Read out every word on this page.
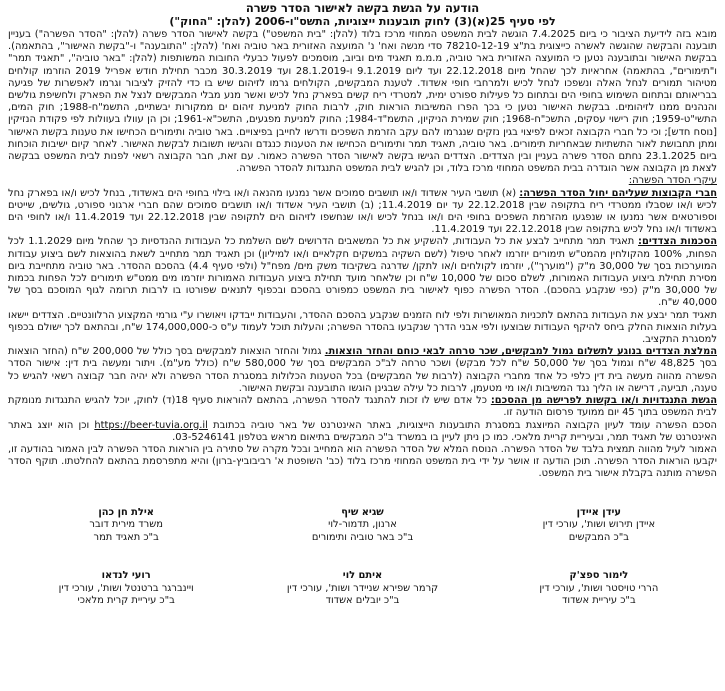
הודעה על הגשת בקשה לאישור הסדר פשרה

לפי סעיף 25(א)(3) לחוק תובענות ייצוגיות, התשס"ו-2006 (להלן: "החוק")

מובא בזה לידיעת הציבור כי ביום 7.4.2025 הוגשה לבית המשפט המחוזי מרכז בלוד (להלן: "בית המשפט") בקשה לאישור הסדר פשרה (להלן: "הסדר הפשרה") בעניין תובענה והבקשה שהוגשה לאשרה כייצוגית בת"צ 78210-12-19 סדי מנשה ואח' נ' המועצה האזורית באר טוביה ואח' (להלן: "התובענה" ו-"בקשת האישור", בהתאמה). בבקשת האישור ובתובענה נטען כי המועצה האזורית באר טוביה, מ.מ.מ תאגיד מים וביוב, מוסמכים לפעול כבעלי החובות המשותפות (להלן: "באר טוביה", "תאגיד תמר" ו"תימורים", בהתאמה) אחראיות לכך שהחל מיום 22.12.2018 ועד ליום 9.1.2019 ו-28.1.2019 ועד 30.3.2019 מכבר תחילת חודש אפריל 2019 הוזרמו קולחים מטיהור תמורים לנחל האלה ונשפכו לנחל לכיש ולמרחבי חופי אשדוד. לטענת המבקשים, הקולחים גרמו לזיהום שיש בו כדי להזיק לציבור וגרמו לאפשרות של פגיעה בבריאותם ובתחום השימוש בחופי הים ובתחום כל פעילות ספורט ימית, למטרדי ריח קשים בפארק נחל לכיש ואשר מנע מבלי המבקשים לנצל את הפארק ולחשיפת גולשים והנהנים ממנו לזיהומים. בבקשת האישור נטען כי בכך הפרו המשיבות הוראות חוק, לרבות החוק למניעת זיהום ים ממקורות יבשתיים, התשמ"ח-1988; חוק המים, התשי"ט-1959; חוק רישוי עסקים, התשכ"ח-1968; חוק שמירת הניקיון, התשמ"ד-1984; החוק למניעת מפגעים, התשכ"א-1961; וכן הן עוולו בעוולות לפי פקודת הנזיקין [נוסח חדש]; וכי כל חברי הקבוצה זכאים לפיצוי בגין נזקים שנגרמו להם עקב הזרמת השפכים ודרשו לחייבן בפיצויים. באר טוביה ותימורים הכחישו את טענות בקשת האישור ומתן תחבושת לאור התשתיות שבאחריות תימורים. באר טוביה, תאגיד תמר ותימורים הכחישו את הטענות כנגדם והגישו תשובות לבקשת האישור. לאחר קיום ישיבות הוכחות ביום 23.1.2025 נחתם הסדר פשרה בעניין ובין הצדדים. הצדדים הגישו בקשה לאישור הסדר הפשרה כאמור. עם זאת, חבר הקבוצה רשאי לפנות לבית המשפט בבקשה לצאת מן הקבוצה אשר הוגדרה בבית המשפט המחוזי מרכז בלוד, וכן להגיש לבית המשפט התנגדות להסדר הפשרה.

עיקרי הסדר הפשרה:

חברי הקבוצות שעליהם יחול הסדר הפשרה: (א) תושבי העיר אשדוד ו/או תושבים סמוכים אשר נמנעו מהנאה ו/או בילוי בחופי הים באשדוד, בנחל לכיש ו/או בפארק נחל לכיש ו/או שסבלו ממטרדי ריח בתקופה שבין 22.12.2018 עד יום 11.4.2019; (ב) תושבי העיר אשדוד ו/או תושבים סמוכים שהם חברי ארגוני ספורט, גולשים, שייטים וספורטאים אשר נמנעו או שנפגעו מהזרמת השפכים בחופי הים ו/או בנחל לכיש ו/או שנחשפו לזיהום הים לתקופה שבין 22.12.2018 ועד 11.4.2019 ו/או לחופי הים באשדוד ו/או נחל לכיש בתקופה שבין 22.12.2018 ועד 11.4.2019.

הסכמות הצדדים: תאגיד תמר מתחייב לבצע את כל העבודות, להשקיע את כל המשאבים הדרושים לשם השלמת כל העבודות ההנדסיות כך שהחל מיום 1.1.2029 לכל הפחות, 100% מהקולחין מהמט"ש תימורים יוזרמו לאחר טיפול (לשם השקיה במשקים חקלאיים ו/או למיליון) וכן תאגיד תמר מתחייב לשאת בהוצאות לשם ביצוע עבודות המוערכות בסך של 30,000 מ"ק ("מוערך"), יוזרמו לקולחים ו/או לתקן/ שדרגה בשקיבוד משק מים/ מפח"ל (ולפי סעיף 4.4) בהסכם ההסדר. באר טוביה מתחייבת ביום מסירת תחילת ביצוע העבודות האמורות, לשלם סכום של 10,000 ש"ח וכן שלאחר מועד תחילת ביצוע העבודות האמורות יוזרמו מים ממט"ש תימורים לכל הפחות בכמות של 30,000 מ"ק (כפי שנקבע בהסכם). הסדר הפשרה כפוף לאישור בית המשפט כמפורט בהסכם ובכפוף לתנאים שפורטו בו לרבות תרומה לגוף המוסכם בסך של 40,000 ש"ח.

תאגיד תמר יבצע את העבודות בהתאם לתכניות המאושרות ולפי לוח הזמנים שנקבע בהסכם ההסדר, והעבודות ייבדקו ויאושרו ע"י גורמי המקצוע הרלוונטיים. הצדדים יישאו בעלות הוצאות החלק ביחס להיקף העבודות שבוצעו ולפי אבני הדרך שנקבעו בהסדר הפשרה; והעלות תוכל לעמוד ע"ס כ-174,000,000 ש"ח, ובהתאם לכך ישולם בכפוף למסגרת התקציב.

המלצת הצדדים בנוגע לתשלום גמול למבקשים, שכר טרחה לבאי כוחם והחזר הוצאות. גמול והחזר הוצאות למבקשים בסך כולל של 200,000 ש"ח (החזר הוצאות בסך 48,825 ש"ח וגמול בסך של 50,000 ש"ח לכל מבקש) ושכר טרחה לב"כ המבקשים בסך של 580,000 ש"ח (כולל מע"מ). ויתור ומעשה בית דין: אישור הסדר הפשרה מהווה מעשה בית דין כלפי כל אחד מחברי הקבוצה (לרבות של המבקשים) בכל הטענות הכלולות במסגרת הסדר הפשרה ולא יהיה חבר קבוצה רשאי להגיש כל טענה, תביעה, דרישה או הליך נגד המשיבות ו/או מי מטעמן, לרבות כל עילה שבגינן הוגשו התובענה ובקשת האישור.

הגשת התנגדויות ו/או בקשות לפרישה מן ההסכם: כל אדם שיש לו זכות להתנגד להסדר הפשרה, בהתאם להוראות סעיף 18(ד) לחוק, יוכל להגיש התנגדות מנומקת לבית המשפט בתוך 45 יום ממועד פרסום הודעה זו.

הסכם הפשרה עומד לעיון הקבוצה המיוצגת במסגרת התובענות הייצוגיות, באתר האינטרנט של באר טוביה בכתובת https://beer-tuvia.org.il וכן הוא יוצג באתר האינטרנט של תאגיד תמר, ובעיריית קריית מלאכי. כמו כן ניתן לעיין בו במשרד ב"כ המבקשים בתיאום מראש בטלפון 03-5246141.

האמור לעיל מהווה תמצית בלבד של הסדר הפשרה. הנוסח המלא של הסדר הפשרה הוא המחייב ובכל מקרה של סתירה בין הוראות הסדר הפשרה לבין האמור בהודעה זו, יקבעו הוראות הסדר הפשרה. תוכן הודעה זו אושר על ידי בית המשפט המחוזי מרכז בלוד (כב' השופטת א' רביבוביץ-ברון) והיא מתפרסמת בהתאם להחלטתו. תוקף הסדר הפשרה מותנה בקבלת אישור בית המשפט.

עידן איידן
איידן תירוש ושות', עורכי דין
ב"כ המבקשים
שגיא שיף
ארנון, תדמור-לוי
ב"כ באר טוביה ותימורים
אילת חן כהן
משרד מירית דובר
ב"כ תאגיד תמר
לימור ספצ'ק
הררי טויסטר ושות', עורכי דין
ב"כ עיריית אשדוד
איתם לוי
קרמר שפירא שניידר ושות', עורכי דין
ב"כ יובלים אשדוד
רועי לנדאו
ויינברגר ברטנטל ושות', עורכי דין
ב"כ עיריית קרית מלאכי
